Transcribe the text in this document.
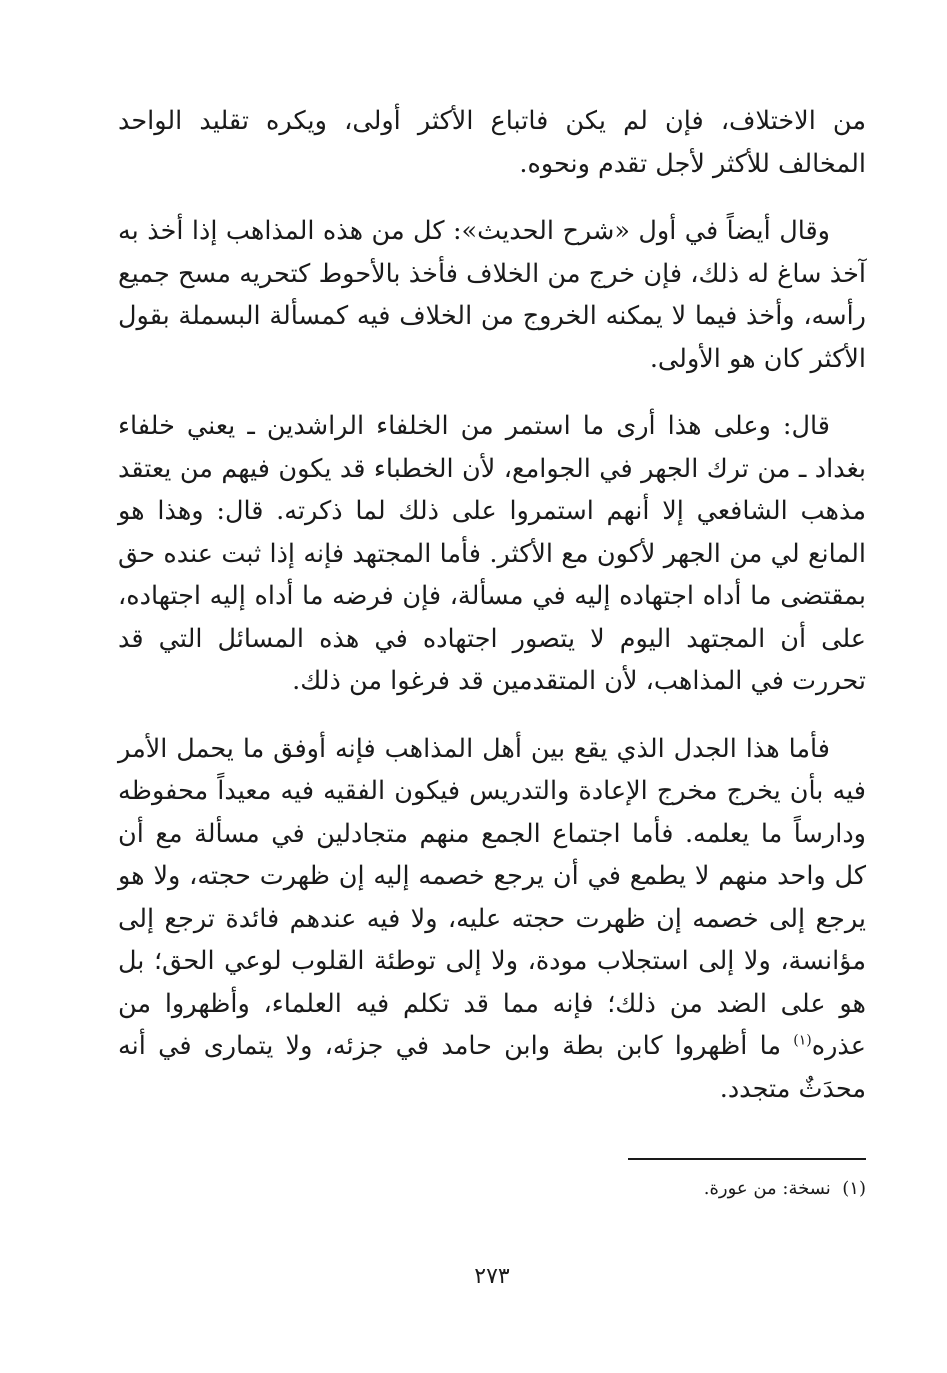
من الاختلاف، فإن لم يكن فاتباع الأكثر أولى، ويكره تقليد الواحد المخالف للأكثر لأجل تقدم ونحوه.

وقال أيضاً في أول «شرح الحديث»: كل من هذه المذاهب إذا أخذ به آخذ ساغ له ذلك، فإن خرج من الخلاف فأخذ بالأحوط كتحريه مسح جميع رأسه، وأخذ فيما لا يمكنه الخروج من الخلاف فيه كمسألة البسملة بقول الأكثر كان هو الأولى.

قال: وعلى هذا أرى ما استمر من الخلفاء الراشدين ـ يعني خلفاء بغداد ـ من ترك الجهر في الجوامع، لأن الخطباء قد يكون فيهم من يعتقد مذهب الشافعي إلا أنهم استمروا على ذلك لما ذكرته. قال: وهذا هو المانع لي من الجهر لأكون مع الأكثر. فأما المجتهد فإنه إذا ثبت عنده حق بمقتضى ما أداه اجتهاده إليه في مسألة، فإن فرضه ما أداه إليه اجتهاده، على أن المجتهد اليوم لا يتصور اجتهاده في هذه المسائل التي قد تحررت في المذاهب، لأن المتقدمين قد فرغوا من ذلك.

فأما هذا الجدل الذي يقع بين أهل المذاهب فإنه أوفق ما يحمل الأمر فيه بأن يخرج مخرج الإعادة والتدريس فيكون الفقيه فيه معيداً محفوظه ودارساً ما يعلمه. فأما اجتماع الجمع منهم متجادلين في مسألة مع أن كل واحد منهم لا يطمع في أن يرجع خصمه إليه إن ظهرت حجته، ولا هو يرجع إلى خصمه إن ظهرت حجته عليه، ولا فيه عندهم فائدة ترجع إلى مؤانسة، ولا إلى استجلاب مودة، ولا إلى توطئة القلوب لوعي الحق؛ بل هو على الضد من ذلك؛ فإنه مما قد تكلم فيه العلماء، وأظهروا من عذره$^{(١)}$ ما أظهروا كابن بطة وابن حامد في جزئه، ولا يتمارى في أنه محدَثٌ متجدد.

(١)  نسخة: من عورة.

٢٧٣
